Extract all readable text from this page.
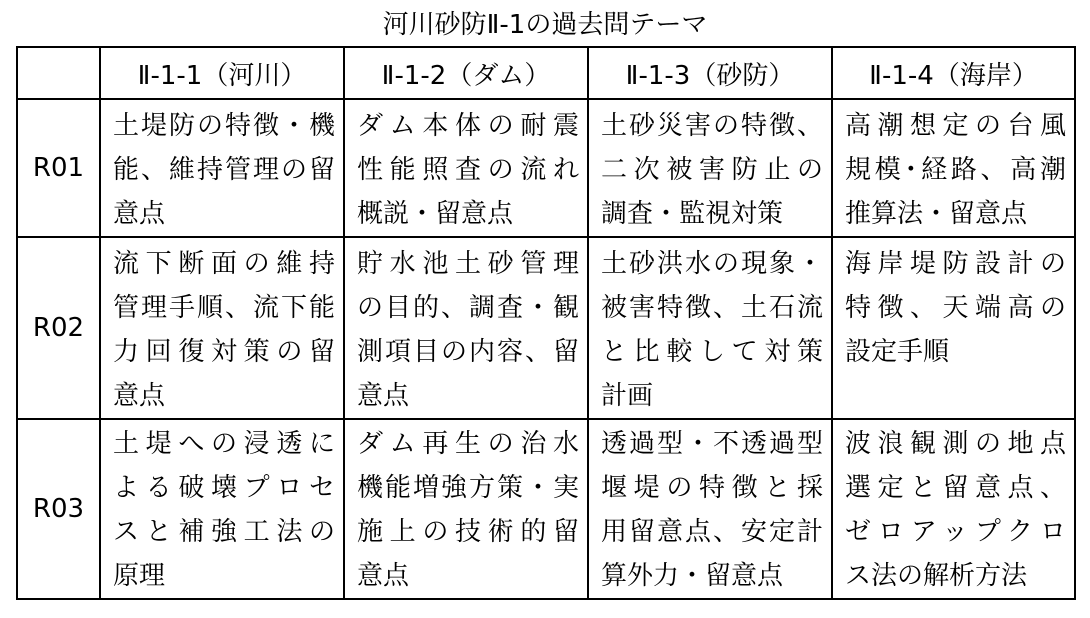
河川砂防Ⅱ-1の過去問テーマ
	Ⅱ-1-1（河川）	Ⅱ-1-2（ダム）	Ⅱ-1-3（砂防）	Ⅱ-1-4（海岸）
R01	土堤防の特徴・機
能、維持管理の留
意点	ダム本体の耐震
性能照査の流れ
概説・留意点	土砂災害の特徴、
二次被害防止の
調査・監視対策	高潮想定の台風
規模･経路、高潮
推算法・留意点

R02	流下断面の維持
管理手順、流下能
力回復対策の留
意点	貯水池土砂管理
の目的、調査・観
測項目の内容、留
意点	土砂洪水の現象・
被害特徴、土石流
と比較して対策
計画	海岸堤防設計の
特徴、天端高の
設定手順

R03	土堤への浸透に
よる破壊プロセ
スと補強工法の
原理	ダム再生の治水
機能増強方策・実
施上の技術的留
意点	透過型・不透過型
堰堤の特徴と採
用留意点、安定計
算外力・留意点	波浪観測の地点
選定と留意点、
ゼロアップクロ
ス法の解析方法
